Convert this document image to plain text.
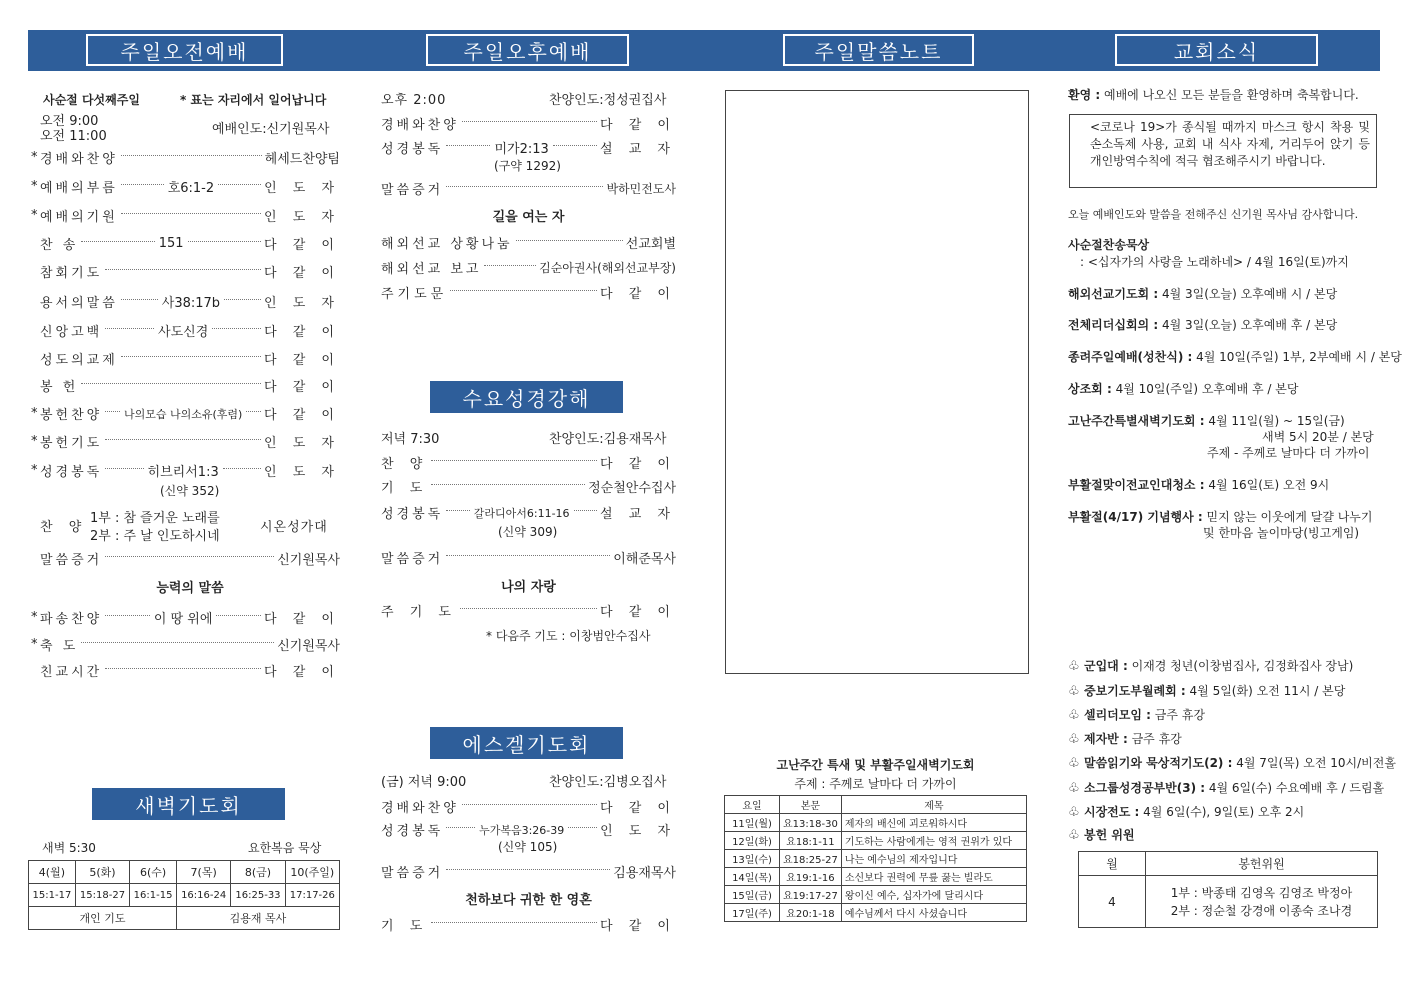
주일오전예배	주일오후예배	주일말씀노트	교회소식
사순절 다섯째주일	* 표는 자리에서 일어납니다
오전 9:00
오전 11:00	예배인도:신기원목사
* 경배와찬양	헤세드찬양팀
* 예배의부름	호6:1-2	인 도 자
* 예배의기원	인 도 자
찬 송	151	다 같 이
참회기도	다 같 이
용서의말씀	사38:17b	인 도 자
신앙고백	사도신경	다 같 이
성도의교제	다 같 이
봉 헌	다 같 이
* 봉헌찬양 나의모습 나의소유(후렴) 다 같 이
* 봉헌기도	인 도 자
* 성경봉독	히브리서1:3	인 도 자
(신약 352)
찬 양
1부 : 참 즐거운 노래를
2부 : 주 날 인도하시네
시온성가대
말씀증거	신기원목사
능력의 말씀
* 파송찬양	이 땅 위에	다 같 이
* 축 도	신기원목사
친교시간	다 같 이
새벽기도회
새벽 5:30	요한복음 묵상
4(월)	5(화)	6(수)	7(목)	8(금)	10(주일)
15:1-17	15:18-27	16:1-15	16:16-24	16:25-33	17:17-26
개인 기도			김용재 목사		
오후 2:00	찬양인도:정성권집사
경배와찬양	다 같 이
성경봉독	미가2:13	설 교 자
(구약 1292)
말씀증거	박하민전도사
길을 여는 자
해외선교 상황나눔	선교회별
해외선교 보고	김순아권사(해외선교부장)
주기도문	다 같 이
수요성경강해
저녁 7:30	찬양인도:김용재목사
찬 양	다 같 이
기 도	정순철안수집사
성경봉독	갈라디아서6:11-16 설 교 자
(신약 309)
말씀증거	이해준목사
나의 자랑
주 기 도	다 같 이
* 다음주 기도 : 이창범안수집사
에스겔기도회
(금) 저녁 9:00	찬양인도:김병오집사
경배와찬양	다 같 이
성경봉독	누가복음3:26-39	인 도 자
(신약 105)
말씀증거	김용재목사
천하보다 귀한 한 영혼
기 도	다 같 이
고난주간 특새 및 부활주일새벽기도회
주제 : 주께로 날마다 더 가까이
요일	본문	제목
11일(월)	요13:18-30	제자의 배신에 괴로워하시다
12일(화)	요18:1-11	기도하는 사람에게는 영적 권위가 있다
13일(수)	요18:25-27	나는 예수님의 제자입니다
14일(목)	요19:1-16	소신보다 권력에 무릎 꿇는 빌라도
15일(금)	요19:17-27	왕이신 예수, 십자가에 달리시다
17일(주)	요20:1-18	예수님께서 다시 사셨습니다
환영 : 예배에 나오신 모든 분들을 환영하며 축복합니다.
<코로나 19>가 종식될 때까지 마스크 항시 착용 및 손소독제 사용, 교회 내 식사 자제, 거리두어 앉기 등 개인방역수칙에 적극 협조해주시기 바랍니다.
오늘 예배인도와 말씀을 전해주신 신기원 목사님 감사합니다.
사순절찬송묵상
: <십자가의 사랑을 노래하네> / 4월 16일(토)까지
해외선교기도회 : 4월 3일(오늘) 오후예배 시 / 본당
전체리더십회의 : 4월 3일(오늘) 오후예배 후 / 본당
종려주일예배(성찬식) : 4월 10일(주일) 1부, 2부예배 시 / 본당
상조회 : 4월 10일(주일) 오후예배 후 / 본당
고난주간특별새벽기도회 : 4월 11일(월) ~ 15일(금)
새벽 5시 20분 / 본당
주제 - 주께로 날마다 더 가까이
부활절맞이전교인대청소 : 4월 16일(토) 오전 9시
부활절(4/17) 기념행사 : 믿지 않는 이웃에게 달걀 나누기
및 한마음 놀이마당(빙고게임)
♧ 군입대 : 이재경 청년(이창범집사, 김정화집사 장남)
♧ 중보기도부월례회 : 4월 5일(화) 오전 11시 / 본당
♧ 셀리더모임 : 금주 휴강
♧ 제자반 : 금주 휴강
♧ 말씀읽기와 묵상적기도(2) : 4월 7일(목) 오전 10시/비전홀
♧ 소그룹성경공부반(3) : 4월 6일(수) 수요예배 후 / 드림홀
♧ 시장전도 : 4월 6일(수), 9일(토) 오후 2시
♧ 봉헌 위원
월	봉헌위원
4	1부 : 박종태 김영옥 김영조 박정아
2부 : 정순철 강경애 이종숙 조나경
